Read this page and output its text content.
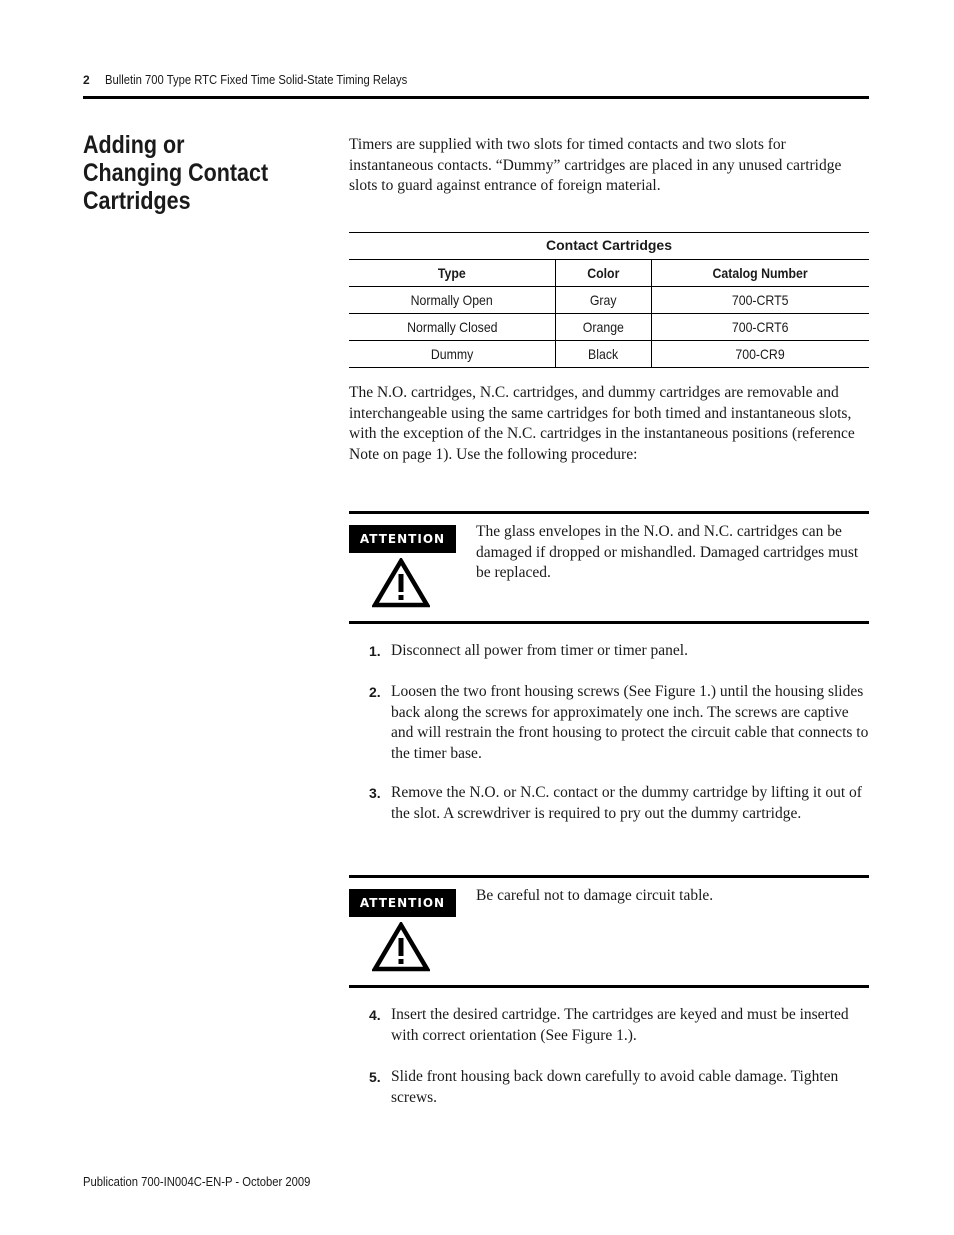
2 Bulletin 700 Type RTC Fixed Time Solid-State Timing Relays
Adding or Changing Contact Cartridges
Timers are supplied with two slots for timed contacts and two slots for instantaneous contacts. “Dummy” cartridges are placed in any unused cartridge slots to guard against entrance of foreign material.
Contact Cartridges
Type	Color	Catalog Number
Normally Open	Gray	700-CRT5
Normally Closed	Orange	700-CRT6
Dummy	Black	700-CR9
The N.O. cartridges, N.C. cartridges, and dummy cartridges are removable and interchangeable using the same cartridges for both timed and instantaneous slots, with the exception of the N.C. cartridges in the instantaneous positions (reference Note on page 1). Use the following procedure:
ATTENTION	The glass envelopes in the N.O. and N.C. cartridges can be damaged if dropped or mishandled. Damaged cartridges must be replaced.
1. Disconnect all power from timer or timer panel.
2. Loosen the two front housing screws (See Figure 1.) until the housing slides back along the screws for approximately one inch. The screws are captive and will restrain the front housing to protect the circuit cable that connects to the timer base.
3. Remove the N.O. or N.C. contact or the dummy cartridge by lifting it out of the slot. A screwdriver is required to pry out the dummy cartridge.
ATTENTION	Be careful not to damage circuit table.
4. Insert the desired cartridge. The cartridges are keyed and must be inserted with correct orientation (See Figure 1.).
5. Slide front housing back down carefully to avoid cable damage. Tighten screws.
Publication 700-IN004C-EN-P - October 2009
